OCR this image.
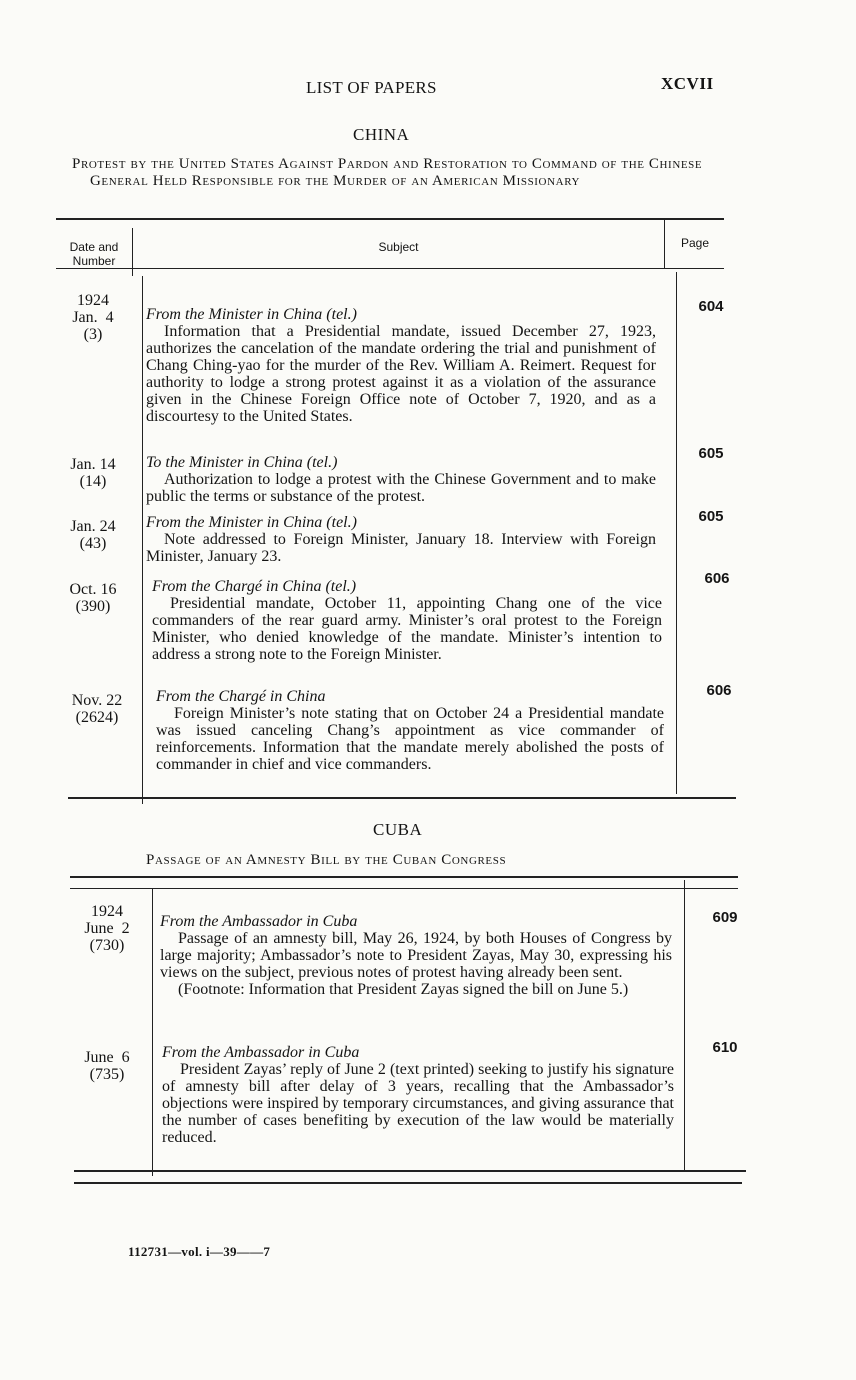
LIST OF PAPERS	XCVII
CHINA
Protest by the United States Against Pardon and Restoration to Command of the Chinese General Held Responsible for the Murder of an American Missionary
Date and
Number
Subject	Page
1924
Jan.  4
(3)
From the Minister in China (tel.)
Information that a Presidential mandate, issued December 27, 1923, authorizes the cancelation of the mandate ordering the trial and punishment of Chang Ching-yao for the murder of the Rev. William A. Reimert. Request for authority to lodge a strong protest against it as a violation of the assurance given in the Chinese Foreign Office note of October 7, 1920, and as a discourtesy to the United States.
604
Jan. 14
(14)
To the Minister in China (tel.)
Authorization to lodge a protest with the Chinese Government and to make public the terms or substance of the protest.
605
Jan. 24
(43)
From the Minister in China (tel.)
Note addressed to Foreign Minister, January 18. Interview with Foreign Minister, January 23.
605
Oct. 16
(390)
From the Chargé in China (tel.)
Presidential mandate, October 11, appointing Chang one of the vice commanders of the rear guard army. Minister’s oral protest to the Foreign Minister, who denied knowledge of the mandate. Minister’s intention to address a strong note to the Foreign Minister.
606
Nov. 22
(2624)
From the Chargé in China
Foreign Minister’s note stating that on October 24 a Presidential mandate was issued canceling Chang’s appointment as vice commander of reinforcements. Information that the mandate merely abolished the posts of commander in chief and vice commanders.
606
CUBA
Passage of an Amnesty Bill by the Cuban Congress
1924
June  2
(730)
From the Ambassador in Cuba
Passage of an amnesty bill, May 26, 1924, by both Houses of Congress by large majority; Ambassador’s note to President Zayas, May 30, expressing his views on the subject, previous notes of protest having already been sent.
(Footnote: Information that President Zayas signed the bill on June 5.)
609
June  6
(735)
From the Ambassador in Cuba
President Zayas’ reply of June 2 (text printed) seeking to justify his signature of amnesty bill after delay of 3 years, recalling that the Ambassador’s objections were inspired by temporary circumstances, and giving assurance that the number of cases benefiting by execution of the law would be materially reduced.
610
112731—vol. i—39——7
